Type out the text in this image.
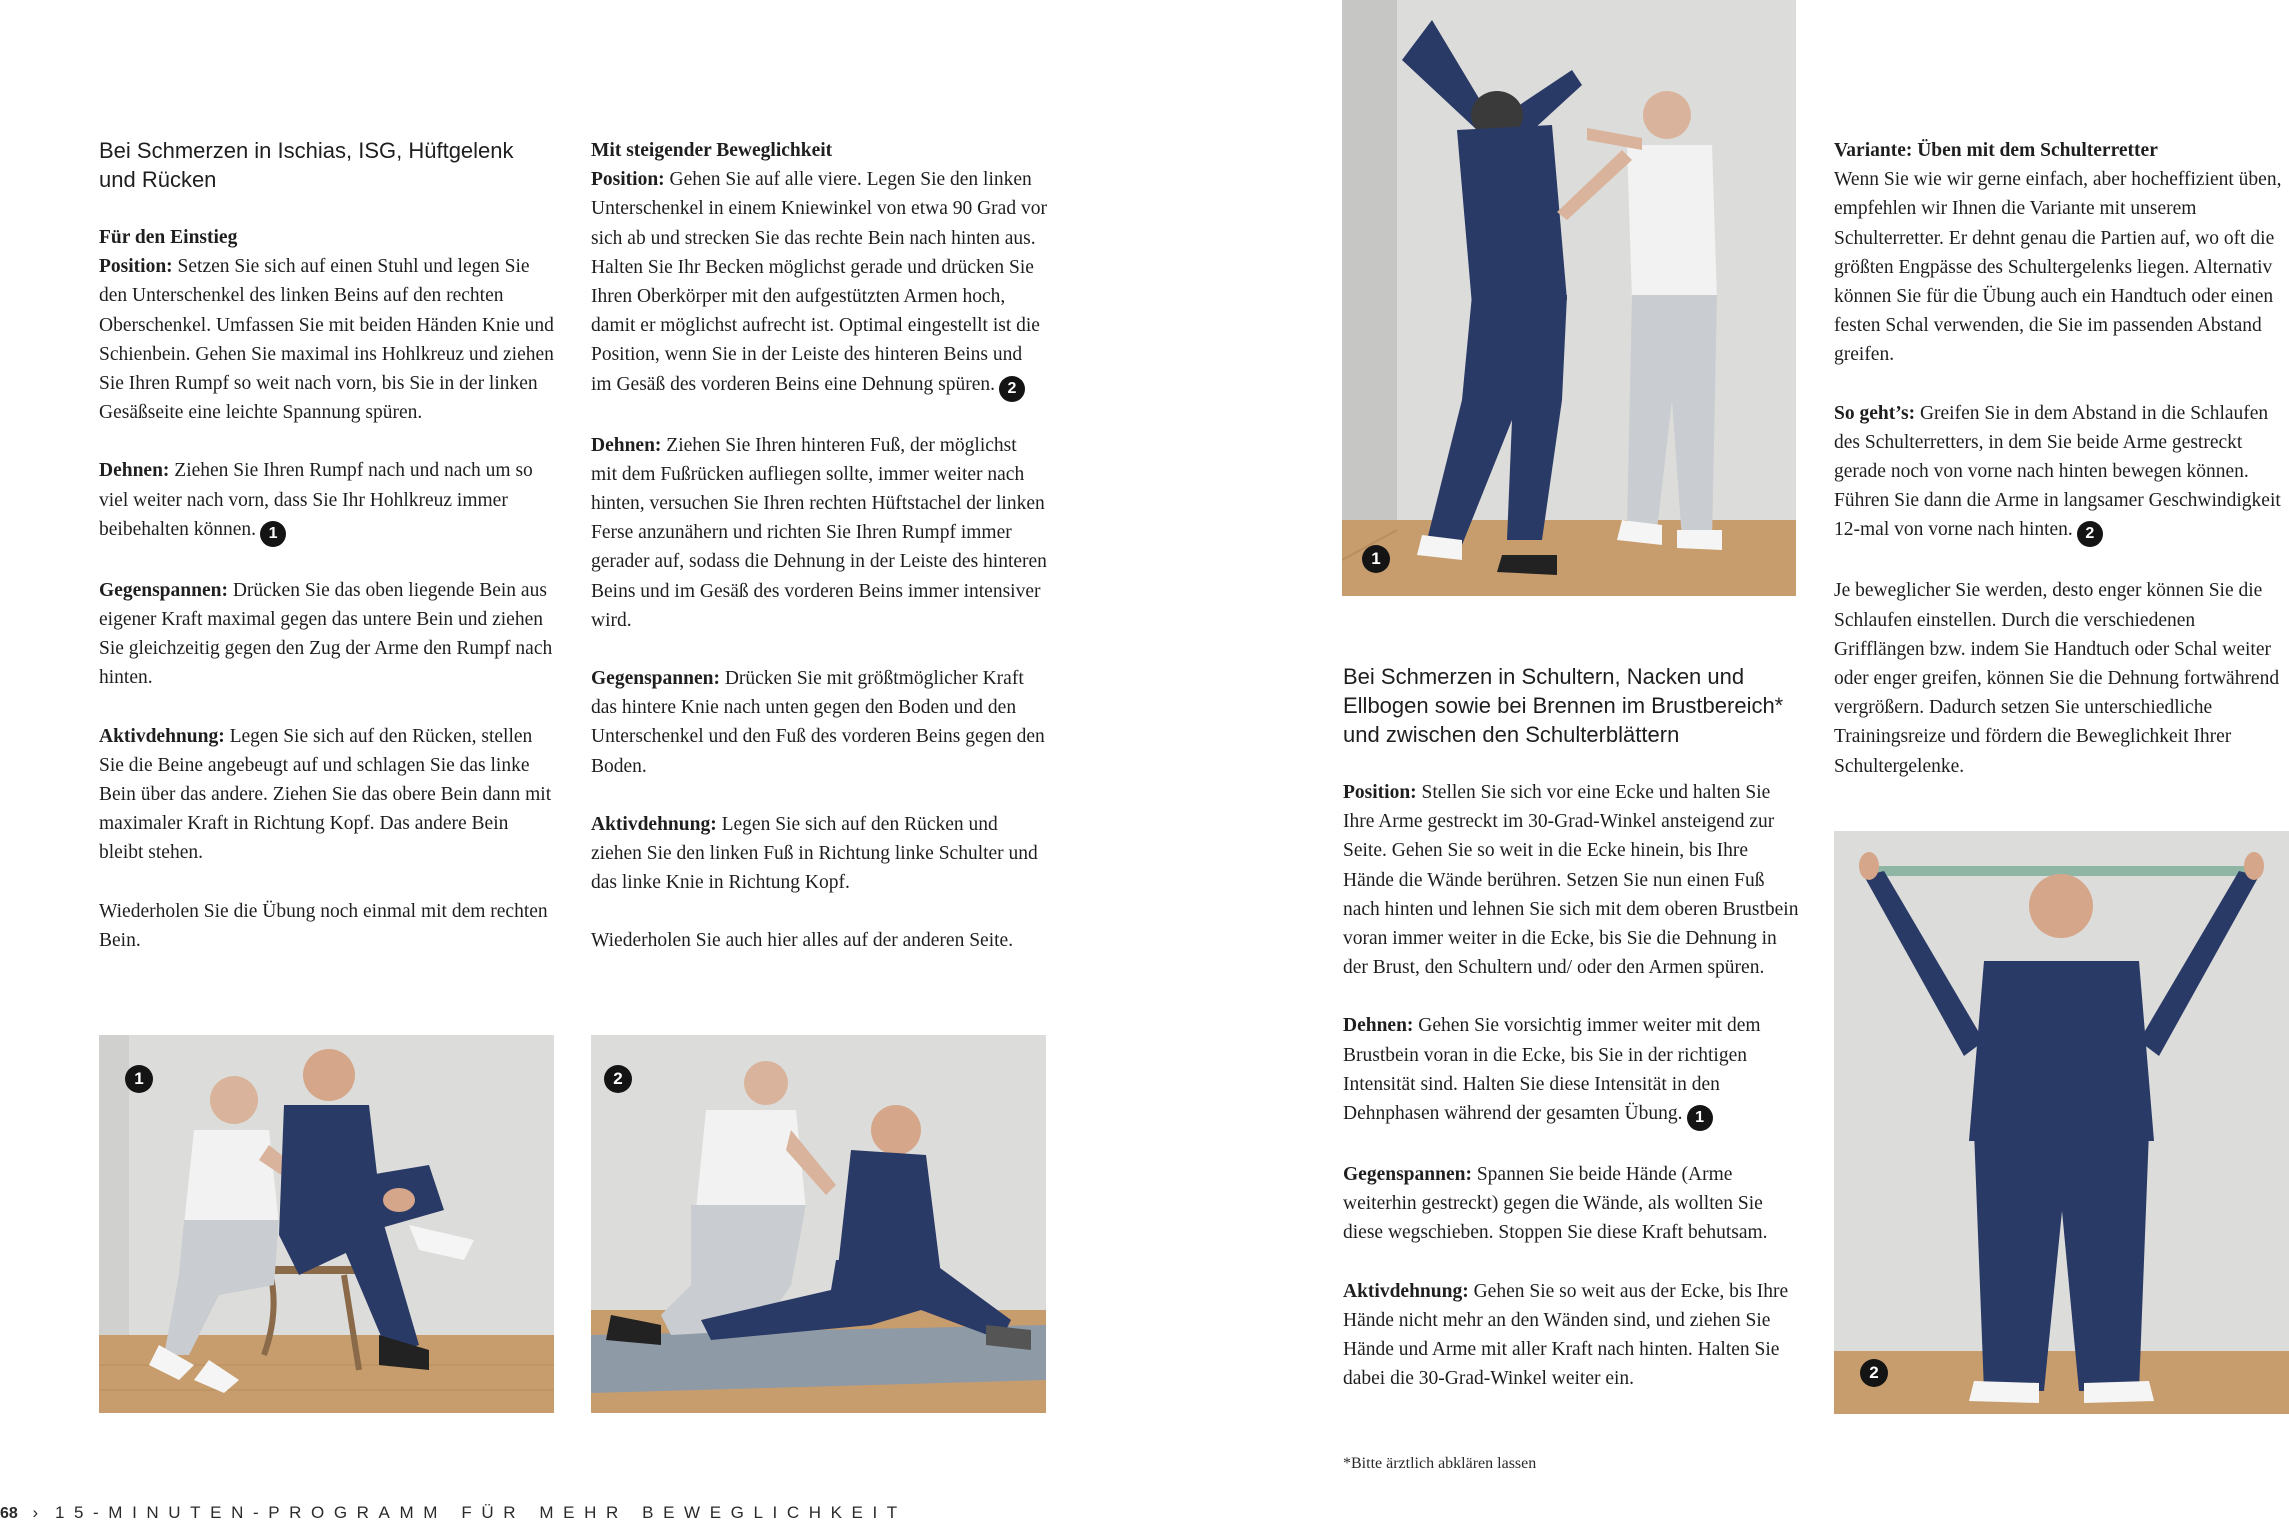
Bei Schmerzen in Ischias, ISG, Hüftgelenk und Rücken

Für den Einstieg
Position: Setzen Sie sich auf einen Stuhl und legen Sie den Unterschenkel des linken Beins auf den rechten Oberschenkel. Umfassen Sie mit beiden Händen Knie und Schienbein. Gehen Sie maximal ins Hohlkreuz und ziehen Sie Ihren Rumpf so weit nach vorn, bis Sie in der linken Gesäßseite eine leichte Spannung spüren.

Dehnen: Ziehen Sie Ihren Rumpf nach und nach um so viel weiter nach vorn, dass Sie Ihr Hohlkreuz immer beibehalten können. 1

Gegenspannen: Drücken Sie das oben liegende Bein aus eigener Kraft maximal gegen das untere Bein und ziehen Sie gleichzeitig gegen den Zug der Arme den Rumpf nach hinten.

Aktivdehnung: Legen Sie sich auf den Rücken, stellen Sie die Beine angebeugt auf und schlagen Sie das linke Bein über das andere. Ziehen Sie das obere Bein dann mit maximaler Kraft in Richtung Kopf. Das andere Bein bleibt stehen.

Wiederholen Sie die Übung noch einmal mit dem rechten Bein.

Mit steigender Beweglichkeit
Position: Gehen Sie auf alle viere. Legen Sie den linken Unterschenkel in einem Kniewinkel von etwa 90 Grad vor sich ab und strecken Sie das rechte Bein nach hinten aus. Halten Sie Ihr Becken möglichst gerade und drücken Sie Ihren Oberkörper mit den aufgestützten Armen hoch, damit er möglichst aufrecht ist. Optimal eingestellt ist die Position, wenn Sie in der Leiste des hinteren Beins und im Gesäß des vorderen Beins eine Dehnung spüren. 2

Dehnen: Ziehen Sie Ihren hinteren Fuß, der möglichst mit dem Fußrücken aufliegen sollte, immer weiter nach hinten, versuchen Sie Ihren rechten Hüftstachel der linken Ferse anzunähern und richten Sie Ihren Rumpf immer gerader auf, sodass die Dehnung in der Leiste des hinteren Beins und im Gesäß des vorderen Beins immer intensiver wird.

Gegenspannen: Drücken Sie mit größtmöglicher Kraft das hintere Knie nach unten gegen den Boden und den Unterschenkel und den Fuß des vorderen Beins gegen den Boden.

Aktivdehnung: Legen Sie sich auf den Rücken und ziehen Sie den linken Fuß in Richtung linke Schulter und das linke Knie in Richtung Kopf.

Wiederholen Sie auch hier alles auf der anderen Seite.

1	2
1
Bei Schmerzen in Schultern, Nacken und Ellbogen sowie bei Brennen im Brustbereich* und zwischen den Schulterblättern

Position: Stellen Sie sich vor eine Ecke und halten Sie Ihre Arme gestreckt im 30-Grad-Winkel ansteigend zur Seite. Gehen Sie so weit in die Ecke hinein, bis Ihre Hände die Wände berühren. Setzen Sie nun einen Fuß nach hinten und lehnen Sie sich mit dem oberen Brustbein voran immer weiter in die Ecke, bis Sie die Dehnung in der Brust, den Schultern und/ oder den Armen spüren.

Dehnen: Gehen Sie vorsichtig immer weiter mit dem Brustbein voran in die Ecke, bis Sie in der richtigen Intensität sind. Halten Sie diese Intensität in den Dehnphasen während der gesamten Übung. 1

Gegenspannen: Spannen Sie beide Hände (Arme weiterhin gestreckt) gegen die Wände, als wollten Sie diese wegschieben. Stoppen Sie diese Kraft behutsam.

Aktivdehnung: Gehen Sie so weit aus der Ecke, bis Ihre Hände nicht mehr an den Wänden sind, und ziehen Sie Hände und Arme mit aller Kraft nach hinten. Halten Sie dabei die 30-Grad-Winkel weiter ein.

*Bitte ärztlich abklären lassen

Variante: Üben mit dem Schulterretter
Wenn Sie wie wir gerne einfach, aber hocheffizient üben, empfehlen wir Ihnen die Variante mit unserem Schulterretter. Er dehnt genau die Partien auf, wo oft die größten Engpässe des Schultergelenks liegen. Alternativ können Sie für die Übung auch ein Handtuch oder einen festen Schal verwenden, die Sie im passenden Abstand greifen.

So geht’s: Greifen Sie in dem Abstand in die Schlaufen des Schulterretters, in dem Sie beide Arme gestreckt gerade noch von vorne nach hinten bewegen können. Führen Sie dann die Arme in langsamer Geschwindigkeit 12-mal von vorne nach hinten. 2

Je beweglicher Sie werden, desto enger können Sie die Schlaufen einstellen. Durch die verschiedenen Grifflängen bzw. indem Sie Handtuch oder Schal weiter oder enger greifen, können Sie die Dehnung fortwährend vergrößern. Dadurch setzen Sie unterschiedliche Trainingsreize und fördern die Beweglichkeit Ihrer Schultergelenke.

2
68 › 15-MINUTEN-PROGRAMM FÜR MEHR BEWEGLICHKEIT
